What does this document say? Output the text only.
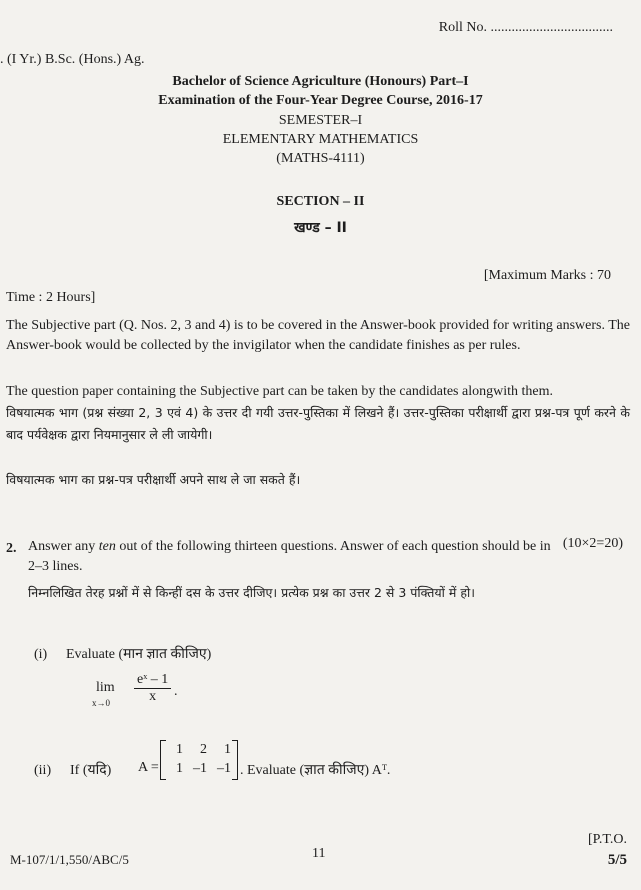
Roll No. ...................................
. (I Yr.) B.Sc. (Hons.) Ag.
Bachelor of Science Agriculture (Honours) Part–I
Examination of the Four-Year Degree Course, 2016-17
SEMESTER–I
ELEMENTARY MATHEMATICS
(MATHS-4111)
SECTION – II
खण्ड – II
[Maximum Marks : 70
Time : 2 Hours]
The Subjective part (Q. Nos. 2, 3 and 4) is to be covered in the Answer-book provided for writing answers. The Answer-book would be collected by the invigilator when the candidate finishes as per rules.
The question paper containing the Subjective part can be taken by the candidates alongwith them.
विषयात्मक भाग (प्रश्न संख्या 2, 3 एवं 4) के उत्तर दी गयी उत्तर-पुस्तिका में लिखने हैं। उत्तर-पुस्तिका परीक्षार्थी द्वारा प्रश्न-पत्र पूर्ण करने के बाद पर्यवेक्षक द्वारा नियमानुसार ले ली जायेगी।
विषयात्मक भाग का प्रश्न-पत्र परीक्षार्थी अपने साथ ले जा सकते हैं।
2. Answer any ten out of the following thirteen questions. Answer of each question should be in (10×2=20)
2–3 lines.
निम्नलिखित तेरह प्रश्नों में से किन्हीं दस के उत्तर दीजिए। प्रत्येक प्रश्न का उत्तर 2 से 3 पंक्तियों में हो।
(i) Evaluate (मान ज्ञात कीजिए)
lim
$x\to 0 \frac{\text{eˣ – 1}}{x}$ .
(ii) If (यदि) A =
1	2	1
1 –1 –1 . Evaluate (ज्ञात कीजिए) Aᵀ.
M-107/1/1,550/ABC/5	11
[P.T.O.
5/5
